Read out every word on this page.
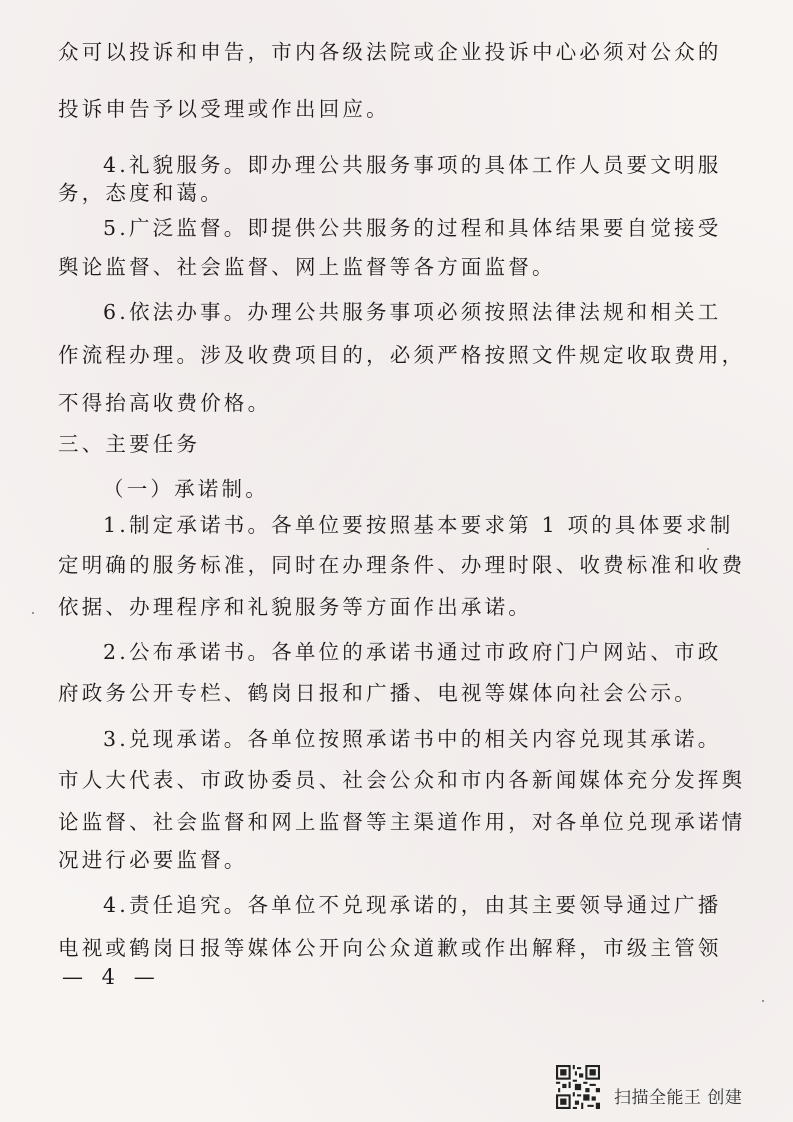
众可以投诉和申告，市内各级法院或企业投诉中心必须对公众的
投诉申告予以受理或作出回应。
4.礼貌服务。即办理公共服务事项的具体工作人员要文明服
务，态度和蔼。
5.广泛监督。即提供公共服务的过程和具体结果要自觉接受
舆论监督、社会监督、网上监督等各方面监督。
6.依法办事。办理公共服务事项必须按照法律法规和相关工
作流程办理。涉及收费项目的，必须严格按照文件规定收取费用，
不得抬高收费价格。
三、主要任务
（一）承诺制。
1.制定承诺书。各单位要按照基本要求第 1 项的具体要求制
定明确的服务标准，同时在办理条件、办理时限、收费标准和收费
依据、办理程序和礼貌服务等方面作出承诺。
2.公布承诺书。各单位的承诺书通过市政府门户网站、市政
府政务公开专栏、鹤岗日报和广播、电视等媒体向社会公示。
3.兑现承诺。各单位按照承诺书中的相关内容兑现其承诺。
市人大代表、市政协委员、社会公众和市内各新闻媒体充分发挥舆
论监督、社会监督和网上监督等主渠道作用，对各单位兑现承诺情
况进行必要监督。
4.责任追究。各单位不兑现承诺的，由其主要领导通过广播
电视或鹤岗日报等媒体公开向公众道歉或作出解释，市级主管领
— 4 —
扫描全能王 创建
